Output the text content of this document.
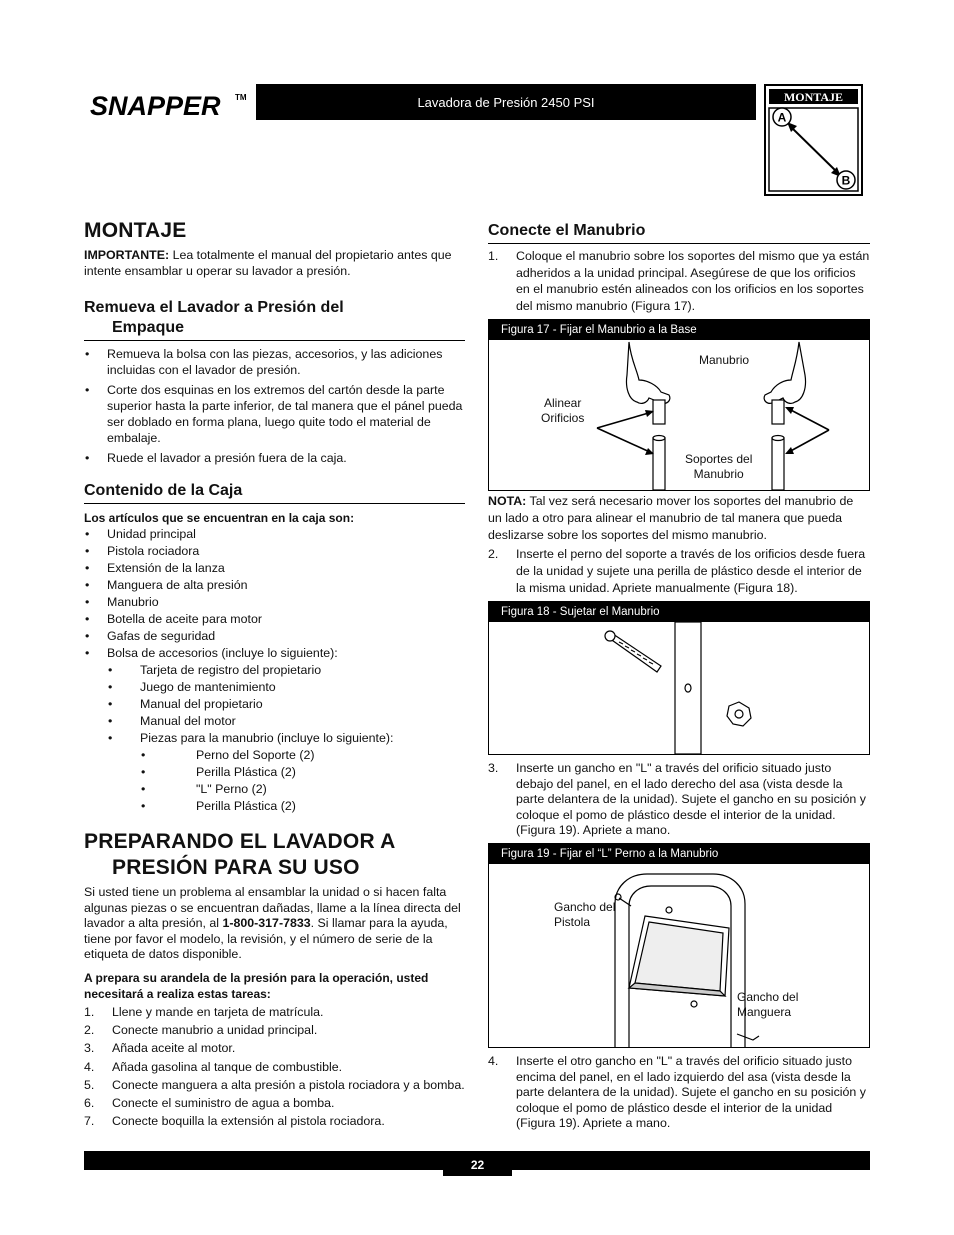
SNAPPER TM	Lavadora de Presión 2450 PSI	MONTAJE
A
B
MONTAJE
IMPORTANTE: Lea totalmente el manual del propietario antes que intente ensamblar u operar su lavador a presión.
Remueva el Lavador a Presión del
Empaque
• Remueva la bolsa con las piezas, accesorios, y las adiciones incluidas con el lavador de presión.
• Corte dos esquinas en los extremos del cartón desde la parte superior hasta la parte inferior, de tal manera que el pánel pueda ser doblado en forma plana, luego quite todo el material de embalaje.
• Ruede el lavador a presión fuera de la caja.
Contenido de la Caja
Los artículos que se encuentran en la caja son:
• Unidad principal
• Pistola rociadora
• Extensión de la lanza
• Manguera de alta presión
• Manubrio
• Botella de aceite para motor
• Gafas de seguridad
• Bolsa de accesorios (incluye lo siguiente):
• Tarjeta de registro del propietario
• Juego de mantenimiento
• Manual del propietario
• Manual del motor
• Piezas para la manubrio (incluye lo siguiente):
• Perno del Soporte (2)
• Perilla Plástica (2)
• "L" Perno (2)
• Perilla Plástica (2)
PREPARANDO EL LAVADOR A
PRESIÓN PARA SU USO
Si usted tiene un problema al ensamblar la unidad o si hacen falta algunas piezas o se encuentran dañadas, llame a la línea directa del lavador a alta presión, al 1-800-317-7833. Si llamar para la ayuda, tiene por favor el modelo, la revisión, y el número de serie de la etiqueta de datos disponible.
A prepara su arandela de la presión para la operación, usted necesitará a realiza estas tareas:
1.	Llene y mande en tarjeta de matrícula.
2.	Conecte manubrio a unidad principal.
3.	Añada aceite al motor.
4.	Añada gasolina al tanque de combustible.
5.	Conecte manguera a alta presión a pistola rociadora y a bomba.
6.	Conecte el suministro de agua a bomba.
7.	Conecte boquilla la extensión al pistola rociadora.
Conecte el Manubrio
1.	Coloque el manubrio sobre los soportes del mismo que ya están adheridos a la unidad principal. Asegúrese de que los orificios en el manubrio estén alineados con los orificios en los soportes del mismo manubrio (Figura 17).
Figura 17 - Fijar el Manubrio a la Base
Manubrio
Alinear
Orificios
Soportes del
Manubrio
NOTA: Tal vez será necesario mover los soportes del manubrio de un lado a otro para alinear el manubrio de tal manera que pueda deslizarse sobre los soportes del mismo manubrio.
2.	Inserte el perno del soporte a través de los orificios desde fuera de la unidad y sujete una perilla de plástico desde el interior de la misma unidad. Apriete manualmente (Figura 18).
Figura 18 - Sujetar el Manubrio
3.	Inserte un gancho en "L" a través del orificio situado justo debajo del panel, en el lado derecho del asa (vista desde la parte delantera de la unidad). Sujete el gancho en su posición y coloque el pomo de plástico desde el interior de la unidad. (Figura 19). Apriete a mano.
Figura 19 - Fijar el “L” Perno a la Manubrio
Gancho del
Pistola
Gancho del
Manguera
4.	Inserte el otro gancho en "L" a través del orificio situado justo encima del panel, en el lado izquierdo del asa (vista desde la parte delantera de la unidad). Sujete el gancho en su posición y coloque el pomo de plástico desde el interior de la unidad (Figura 19). Apriete a mano.
22
